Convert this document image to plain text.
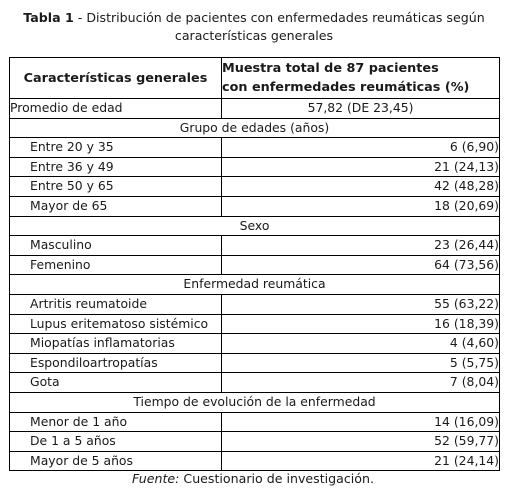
Tabla 1 - Distribución de pacientes con enfermedades reumáticas según características generales
Características generales	Muestra total de 87 pacientes
con enfermedades reumáticas (%)
Promedio de edad	57,82 (DE 23,45)
Grupo de edades (años)	
Entre 20 y 35	6 (6,90)
Entre 36 y 49	21 (24,13)
Entre 50 y 65	42 (48,28)
Mayor de 65	18 (20,69)
Sexo	
Masculino	23 (26,44)
Femenino	64 (73,56)
Enfermedad reumática	
Artritis reumatoide	55 (63,22)
Lupus eritematoso sistémico	16 (18,39)
Miopatías inflamatorias	4 (4,60)
Espondiloartropatías	5 (5,75)
Gota	7 (8,04)
Tiempo de evolución de la enfermedad	
Menor de 1 año	14 (16,09)
De 1 a 5 años	52 (59,77)
Mayor de 5 años	21 (24,14)
Fuente: Cuestionario de investigación.
